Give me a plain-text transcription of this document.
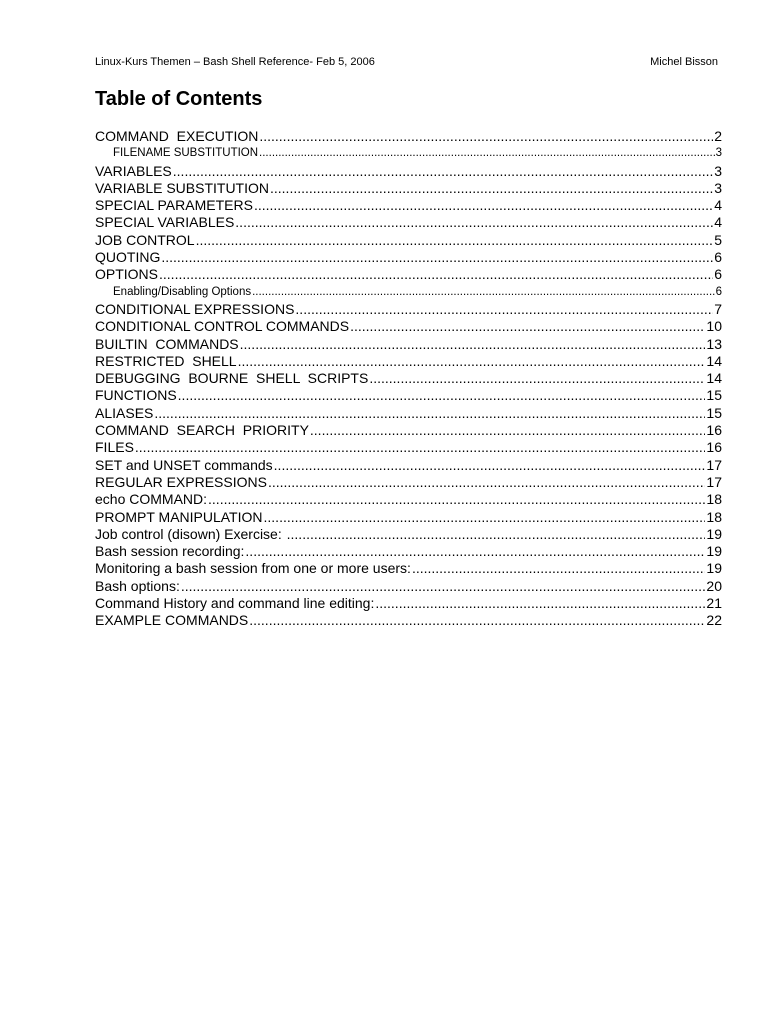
Linux-Kurs Themen – Bash Shell Reference- Feb 5, 2006	Michel Bisson
Table of Contents
COMMAND  EXECUTION .....	2
FILENAME SUBSTITUTION .....	3
VARIABLES .....	3
VARIABLE SUBSTITUTION .....	3
SPECIAL PARAMETERS .....	4
SPECIAL VARIABLES .....	4
JOB CONTROL .....	5
QUOTING .....	6
OPTIONS .....	6
Enabling/Disabling Options .....	6
CONDITIONAL EXPRESSIONS .....	7
CONDITIONAL CONTROL COMMANDS .....	10
BUILTIN  COMMANDS .....	13
RESTRICTED  SHELL .....	14
DEBUGGING  BOURNE  SHELL  SCRIPTS .....	14
FUNCTIONS .....	15
ALIASES .....	15
COMMAND  SEARCH  PRIORITY .....	16
FILES .....	16
SET and UNSET commands .....	17
REGULAR EXPRESSIONS .....	17
echo COMMAND: .....	18
PROMPT MANIPULATION .....	18
Job control (disown) Exercise: .....	19
Bash session recording: .....	19
Monitoring a bash session from one or more users: .....	19
Bash options: .....	20
Command History and command line editing: .....	21
EXAMPLE COMMANDS .....	22
